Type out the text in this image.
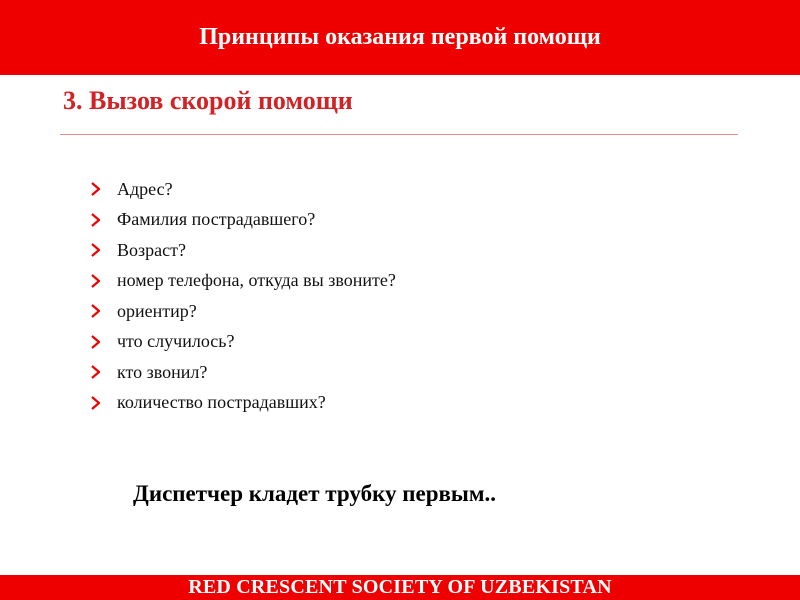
Принципы оказания первой помощи
3. Вызов скорой помощи
Адрес?
Фамилия пострадавшего?
Возраст?
номер телефона, откуда вы звоните?
ориентир?
что случилось?
кто звонил?
количество пострадавших?
Диспетчер кладет трубку первым..
RED CRESCENT SOCIETY OF UZBEKISTAN
